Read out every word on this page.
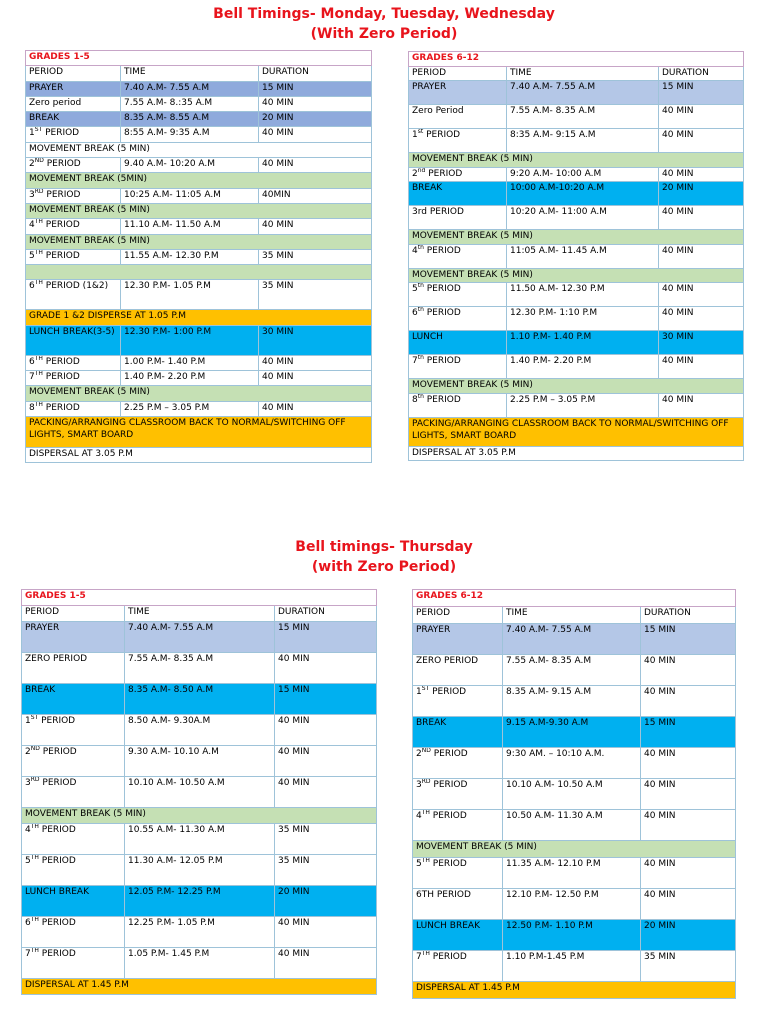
Bell Timings- Monday, Tuesday, Wednesday
(With Zero Period)
Bell timings- Thursday
(with Zero Period)
GRADES 1-5		
PERIOD	TIME	DURATION
PRAYER	7.40 A.M- 7.55 A.M	15 MIN
Zero period	7.55 A.M- 8.:35 A.M	40 MIN
BREAK	8.35 A.M- 8.55 A.M	20 MIN
1ST PERIOD	8:55 A.M- 9:35 A.M	40 MIN
MOVEMENT BREAK (5 MIN)		
2ND PERIOD	9.40 A.M- 10:20 A.M	40 MIN
MOVEMENT BREAK (5MIN)		
3RD PERIOD	10:25 A.M- 11:05 A.M	40MIN
MOVEMENT BREAK (5 MIN)		
4TH PERIOD	11.10 A.M- 11.50 A.M	40 MIN
MOVEMENT BREAK (5 MIN)		
5TH PERIOD	11.55 A.M- 12.30 P.M	35 MIN

6TH PERIOD (1&2)	12.30 P.M- 1.05 P.M	35 MIN
GRADE 1 &2 DISPERSE AT 1.05 P.M		
LUNCH BREAK(3-5)	12.30 P.M- 1:00 P.M	30 MIN
6TH PERIOD	1.00 P.M- 1.40 P.M	40 MIN
7TH PERIOD	1.40 P.M- 2.20 P.M	40 MIN
MOVEMENT BREAK (5 MIN)		
8TH PERIOD	2.25 P.M – 3.05 P.M	40 MIN
PACKING/ARRANGING CLASSROOM BACK TO NORMAL/SWITCHING OFF LIGHTS, SMART BOARD		
DISPERSAL AT 3.05 P.M		
GRADES 6-12		
PERIOD	TIME	DURATION
PRAYER	7.40 A.M- 7.55 A.M	15 MIN
Zero Period	7.55 A.M- 8.35 A.M	40 MIN
1st PERIOD	8:35 A.M- 9:15 A.M	40 MIN
MOVEMENT BREAK (5 MIN)		
2nd PERIOD	9:20 A.M- 10:00 A.M	40 MIN
BREAK	10:00 A.M-10:20 A.M	20 MIN
3rd PERIOD	10:20 A.M- 11:00 A.M	40 MIN
MOVEMENT BREAK (5 MIN)		
4th PERIOD	11:05 A.M- 11.45 A.M	40 MIN
MOVEMENT BREAK (5 MIN)		
5th PERIOD	11.50 A.M- 12.30 P.M	40 MIN
6th PERIOD	12.30 P.M- 1:10 P.M	40 MIN
LUNCH	1.10 P.M- 1.40 P.M	30 MIN
7th PERIOD	1.40 P.M- 2.20 P.M	40 MIN
MOVEMENT BREAK (5 MIN)		
8th PERIOD	2.25 P.M – 3.05 P.M	40 MIN
PACKING/ARRANGING CLASSROOM BACK TO NORMAL/SWITCHING OFF LIGHTS, SMART BOARD		
DISPERSAL AT 3.05 P.M		
GRADES 1-5		
PERIOD	TIME	DURATION
PRAYER	7.40 A.M- 7.55 A.M	15 MIN
ZERO PERIOD	7.55 A.M- 8.35 A.M	40 MIN
BREAK	8.35 A.M- 8.50 A.M	15 MIN
1ST PERIOD	8.50 A.M- 9.30A.M	40 MIN
2ND PERIOD	9.30 A.M- 10.10 A.M	40 MIN
3RD PERIOD	10.10 A.M- 10.50 A.M	40 MIN
MOVEMENT BREAK (5 MIN)		
4TH PERIOD	10.55 A.M- 11.30 A.M	35 MIN
5TH PERIOD	11.30 A.M- 12.05 P.M	35 MIN
LUNCH BREAK	12.05 P.M- 12.25 P.M	20 MIN
6TH PERIOD	12.25 P.M- 1.05 P.M	40 MIN
7TH PERIOD	1.05 P.M- 1.45 P.M	40 MIN
DISPERSAL AT 1.45 P.M		
GRADES 6-12		
PERIOD	TIME	DURATION
PRAYER	7.40 A.M- 7.55 A.M	15 MIN
ZERO PERIOD	7.55 A.M- 8.35 A.M	40 MIN
1ST PERIOD	8.35 A.M- 9.15 A.M	40 MIN
BREAK	9.15 A.M-9.30 A.M	15 MIN
2ND PERIOD	9:30 AM. – 10:10 A.M.	40 MIN
3RD PERIOD	10.10 A.M- 10.50 A.M	40 MIN
4TH PERIOD	10.50 A.M- 11.30 A.M	40 MIN
MOVEMENT BREAK (5 MIN)		
5TH PERIOD	11.35 A.M- 12.10 P.M	40 MIN
6TH PERIOD	12.10 P.M- 12.50 P.M	40 MIN
LUNCH BREAK	12.50 P.M- 1.10 P.M	20 MIN
7TH PERIOD	1.10 P.M-1.45 P.M	35 MIN
DISPERSAL AT 1.45 P.M		
